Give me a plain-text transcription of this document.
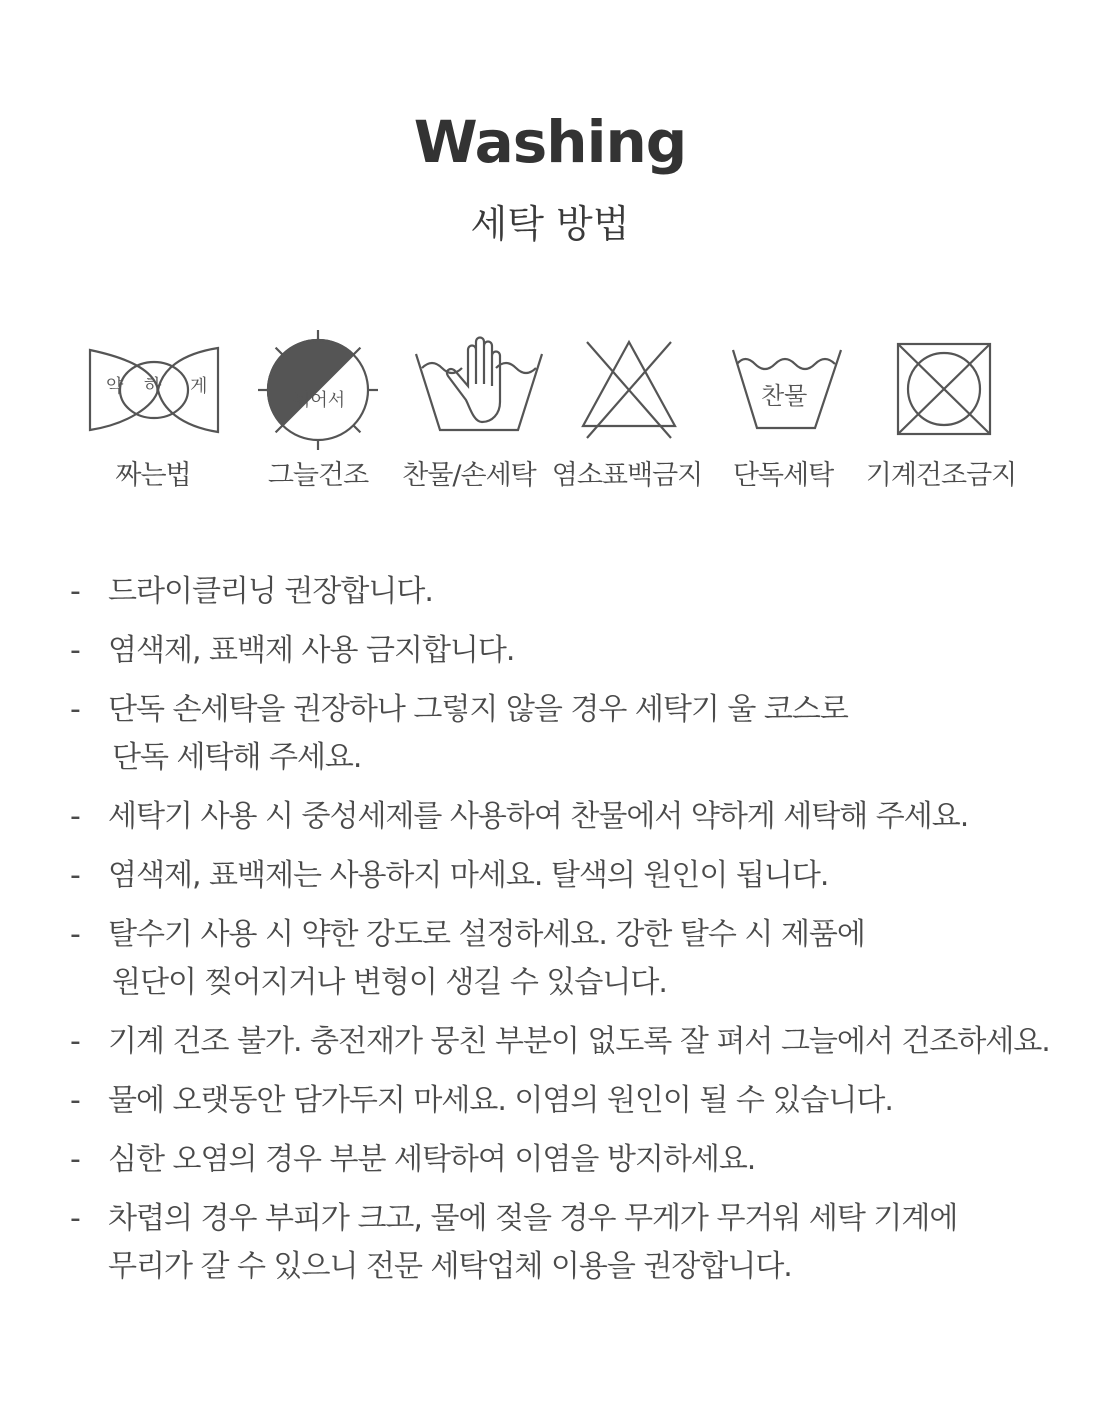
Washing
세탁 방법
약 하 게
짜는법
뉘어서
그늘건조	찬물/손세탁 염소표백금지
찬물
단독세탁	기계건조금지
- 드라이클리닝 권장합니다.
- 염색제, 표백제 사용 금지합니다.
- 단독 손세탁을 권장하나 그렇지 않을 경우 세탁기 울 코스로
단독 세탁해 주세요.
- 세탁기 사용 시 중성세제를 사용하여 찬물에서 약하게 세탁해 주세요.
- 염색제, 표백제는 사용하지 마세요. 탈색의 원인이 됩니다.
- 탈수기 사용 시 약한 강도로 설정하세요. 강한 탈수 시 제품에
원단이 찢어지거나 변형이 생길 수 있습니다.
- 기계 건조 불가. 충전재가 뭉친 부분이 없도록 잘 펴서 그늘에서 건조하세요.
- 물에 오랫동안 담가두지 마세요. 이염의 원인이 될 수 있습니다.
- 심한 오염의 경우 부분 세탁하여 이염을 방지하세요.
- 차렵의 경우 부피가 크고, 물에 젖을 경우 무게가 무거워 세탁 기계에
무리가 갈 수 있으니 전문 세탁업체 이용을 권장합니다.
